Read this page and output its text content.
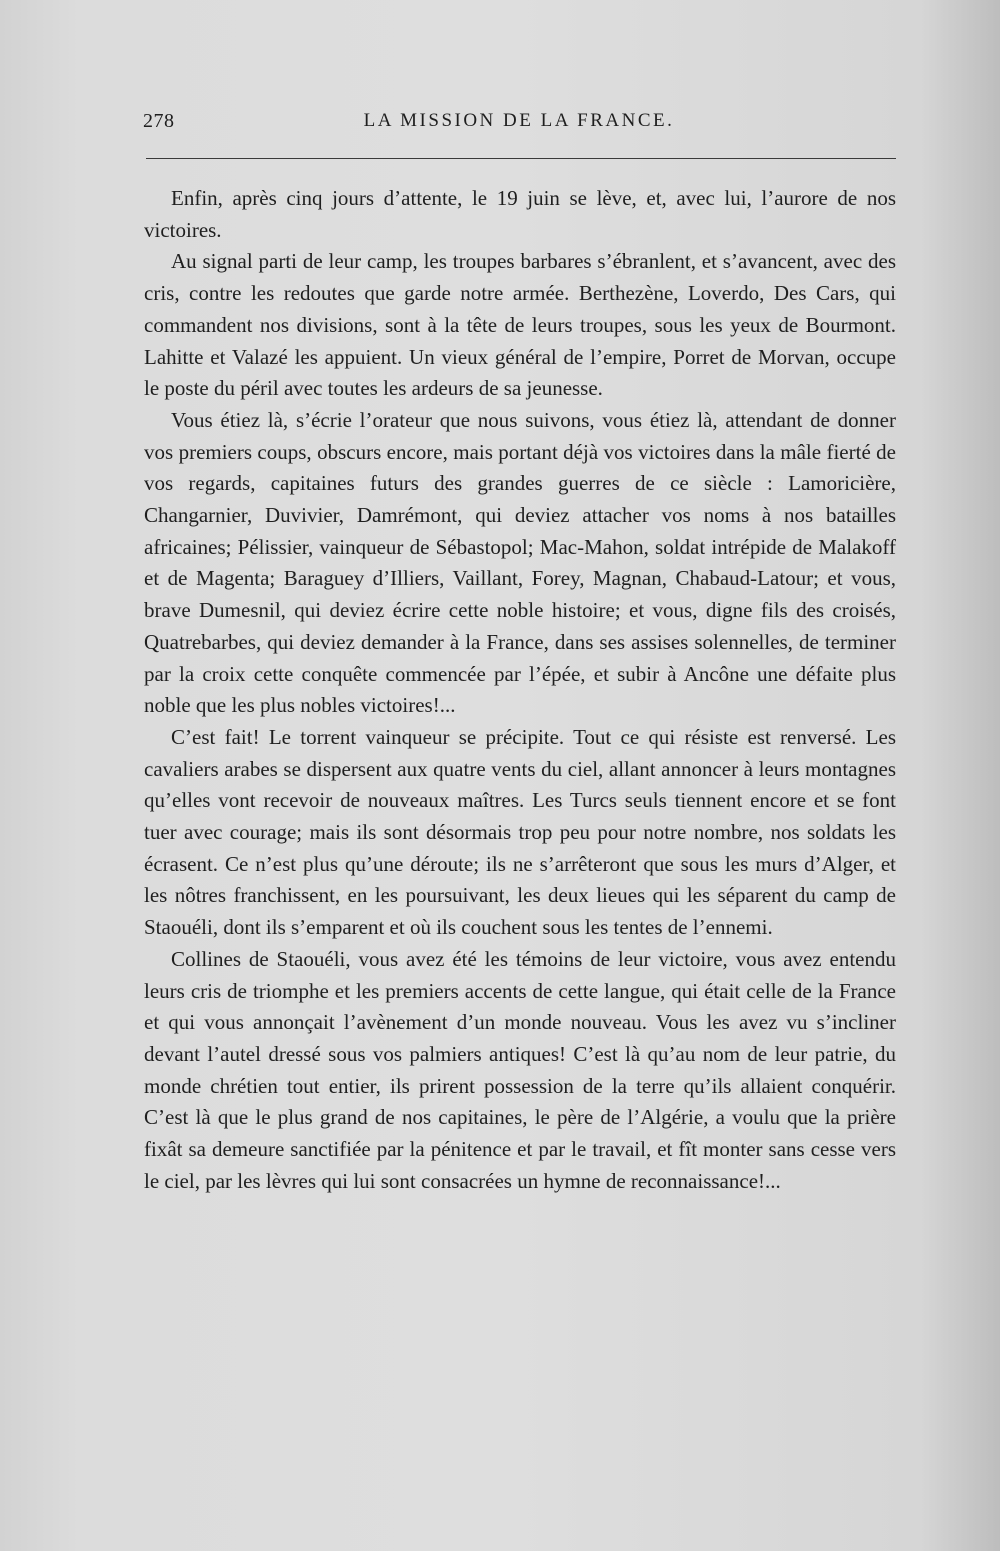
278	LA MISSION DE LA FRANCE.

Enfin, après cinq jours d’attente, le 19 juin se lève, et, avec lui, l’aurore de nos victoires.

Au signal parti de leur camp, les troupes barbares s’ébranlent, et s’avancent, avec des cris, contre les redoutes que garde notre armée. Berthezène, Loverdo, Des Cars, qui commandent nos divisions, sont à la tête de leurs troupes, sous les yeux de Bourmont. Lahitte et Valazé les appuient. Un vieux général de l’empire, Porret de Morvan, occupe le poste du péril avec toutes les ardeurs de sa jeunesse.

Vous étiez là, s’écrie l’orateur que nous suivons, vous étiez là, attendant de donner vos premiers coups, obscurs encore, mais portant déjà vos victoires dans la mâle fierté de vos regards, capitaines futurs des grandes guerres de ce siècle : Lamoricière, Changarnier, Duvivier, Damrémont, qui deviez attacher vos noms à nos batailles africaines; Pélissier, vainqueur de Sébastopol; Mac-Mahon, soldat intrépide de Malakoff et de Magenta; Baraguey d’Illiers, Vaillant, Forey, Magnan, Chabaud-Latour; et vous, brave Dumesnil, qui deviez écrire cette noble histoire; et vous, digne fils des croisés, Quatrebarbes, qui deviez demander à la France, dans ses assises solennelles, de terminer par la croix cette conquête commencée par l’épée, et subir à Ancône une défaite plus noble que les plus nobles victoires!...

C’est fait! Le torrent vainqueur se précipite. Tout ce qui résiste est renversé. Les cavaliers arabes se dispersent aux quatre vents du ciel, allant annoncer à leurs montagnes qu’elles vont recevoir de nouveaux maîtres. Les Turcs seuls tiennent encore et se font tuer avec courage; mais ils sont désormais trop peu pour notre nombre, nos soldats les écrasent. Ce n’est plus qu’une déroute; ils ne s’arrêteront que sous les murs d’Alger, et les nôtres franchissent, en les poursuivant, les deux lieues qui les séparent du camp de Staouéli, dont ils s’emparent et où ils couchent sous les tentes de l’ennemi.

Collines de Staouéli, vous avez été les témoins de leur victoire, vous avez entendu leurs cris de triomphe et les premiers accents de cette langue, qui était celle de la France et qui vous annonçait l’avènement d’un monde nouveau. Vous les avez vu s’incliner devant l’autel dressé sous vos palmiers antiques! C’est là qu’au nom de leur patrie, du monde chrétien tout entier, ils prirent possession de la terre qu’ils allaient conquérir. C’est là que le plus grand de nos capitaines, le père de l’Algérie, a voulu que la prière fixât sa demeure sanctifiée par la pénitence et par le travail, et fît monter sans cesse vers le ciel, par les lèvres qui lui sont consacrées un hymne de reconnaissance!...
